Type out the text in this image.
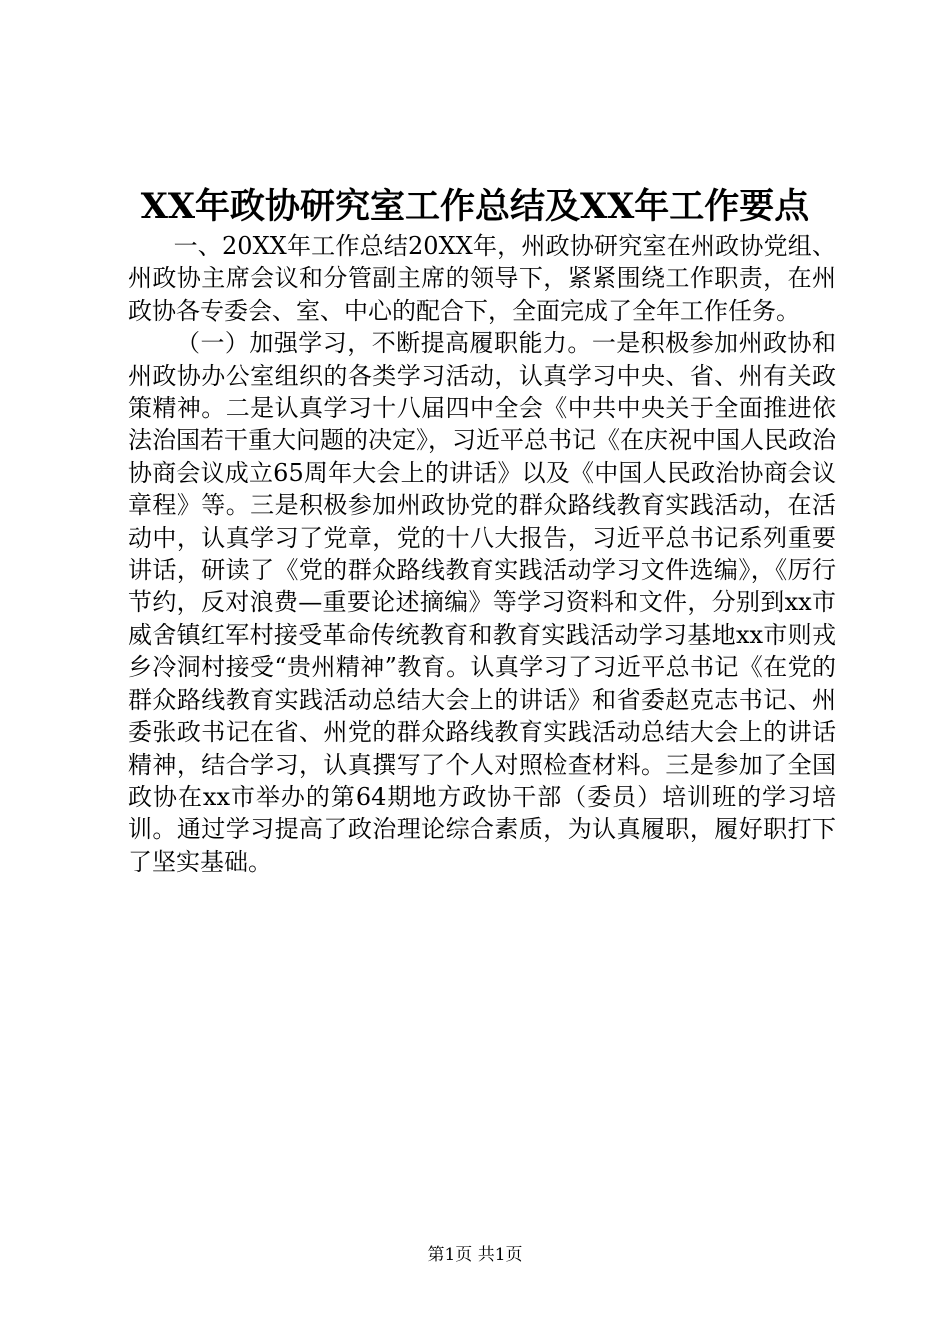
XX年政协研究室工作总结及XX年工作要点

一、20XX年工作总结20XX年，州政协研究室在州政协党组、州政协主席会议和分管副主席的领导下，紧紧围绕工作职责，在州政协各专委会、室、中心的配合下，全面完成了全年工作任务。

（一）加强学习，不断提高履职能力。一是积极参加州政协和州政协办公室组织的各类学习活动，认真学习中央、省、州有关政策精神。二是认真学习十八届四中全会《中共中央关于全面推进依法治国若干重大问题的决定》，习近平总书记《在庆祝中国人民政治协商会议成立65周年大会上的讲话》以及《中国人民政治协商会议章程》等。三是积极参加州政协党的群众路线教育实践活动，在活动中，认真学习了党章，党的十八大报告，习近平总书记系列重要讲话，研读了《党的群众路线教育实践活动学习文件选编》，《厉行节约，反对浪费—重要论述摘编》等学习资料和文件，分别到xx市威舍镇红军村接受革命传统教育和教育实践活动学习基地xx市则戎乡冷洞村接受“贵州精神”教育。认真学习了习近平总书记《在党的群众路线教育实践活动总结大会上的讲话》和省委赵克志书记、州委张政书记在省、州党的群众路线教育实践活动总结大会上的讲话精神，结合学习，认真撰写了个人对照检查材料。三是参加了全国政协在xx市举办的第64期地方政协干部（委员）培训班的学习培训。通过学习提高了政治理论综合素质，为认真履职，履好职打下了坚实基础。

第1页 共1页
